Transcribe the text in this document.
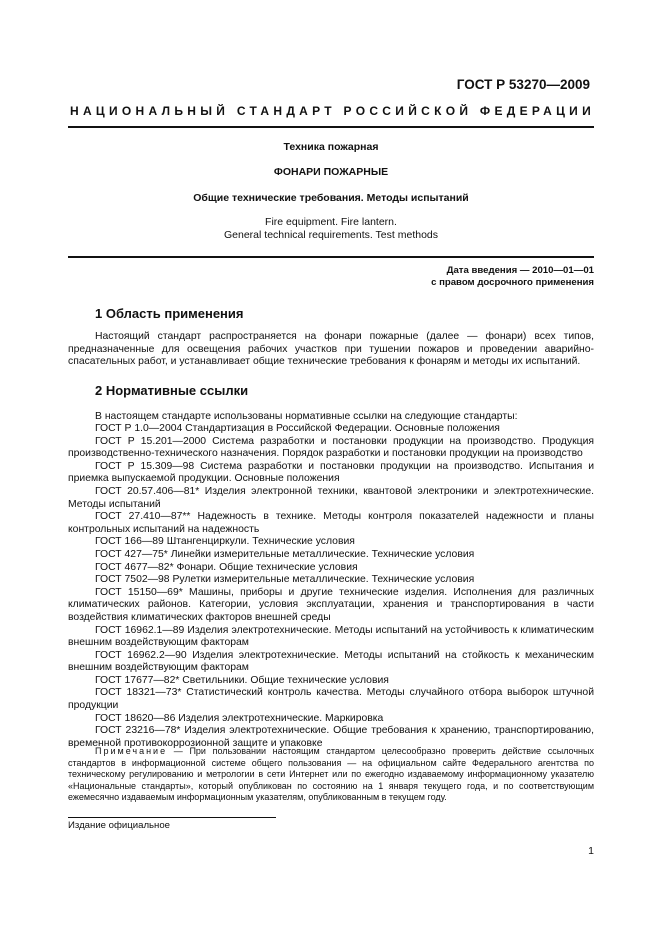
ГОСТ Р 53270—2009
НАЦИОНАЛЬНЫЙ СТАНДАРТ РОССИЙСКОЙ ФЕДЕРАЦИИ
Техника пожарная
ФОНАРИ ПОЖАРНЫЕ
Общие технические требования. Методы испытаний
Fire equipment. Fire lantern.
General technical requirements. Test methods
Дата введения — 2010—01—01
с правом досрочного применения
1 Область применения
Настоящий стандарт распространяется на фонари пожарные (далее — фонари) всех типов, предназначенные для освещения рабочих участков при тушении пожаров и проведении аварийно-спасательных работ, и устанавливает общие технические требования к фонарям и методы их испытаний.
2 Нормативные ссылки
В настоящем стандарте использованы нормативные ссылки на следующие стандарты:

ГОСТ Р 1.0—2004 Стандартизация в Российской Федерации. Основные положения

ГОСТ Р 15.201—2000 Система разработки и постановки продукции на производство. Продукция производственно-технического назначения. Порядок разработки и постановки продукции на производство

ГОСТ Р 15.309—98 Система разработки и постановки продукции на производство. Испытания и приемка выпускаемой продукции. Основные положения

ГОСТ 20.57.406—81* Изделия электронной техники, квантовой электроники и электротехнические. Методы испытаний

ГОСТ 27.410—87** Надежность в технике. Методы контроля показателей надежности и планы контрольных испытаний на надежность

ГОСТ 166—89 Штангенциркули. Технические условия

ГОСТ 427—75* Линейки измерительные металлические. Технические условия

ГОСТ 4677—82* Фонари. Общие технические условия

ГОСТ 7502—98 Рулетки измерительные металлические. Технические условия

ГОСТ 15150—69* Машины, приборы и другие технические изделия. Исполнения для различных климатических районов. Категории, условия эксплуатации, хранения и транспортирования в части воздействия климатических факторов внешней среды

ГОСТ 16962.1—89 Изделия электротехнические. Методы испытаний на устойчивость к климатическим внешним воздействующим факторам

ГОСТ 16962.2—90 Изделия электротехнические. Методы испытаний на стойкость к механическим внешним воздействующим факторам

ГОСТ 17677—82* Светильники. Общие технические условия

ГОСТ 18321—73* Статистический контроль качества. Методы случайного отбора выборок штучной продукции

ГОСТ 18620—86 Изделия электротехнические. Маркировка

ГОСТ 23216—78* Изделия электротехнические. Общие требования к хранению, транспортированию, временной противокоррозионной защите и упаковке

Примечание — При пользовании настоящим стандартом целесообразно проверить действие ссылочных стандартов в информационной системе общего пользования — на официальном сайте Федерального агентства по техническому регулированию и метрологии в сети Интернет или по ежегодно издаваемому информационному указателю «Национальные стандарты», который опубликован по состоянию на 1 января текущего года, и по соответствующим ежемесячно издаваемым информационным указателям, опубликованным в текущем году.
Издание официальное
1
